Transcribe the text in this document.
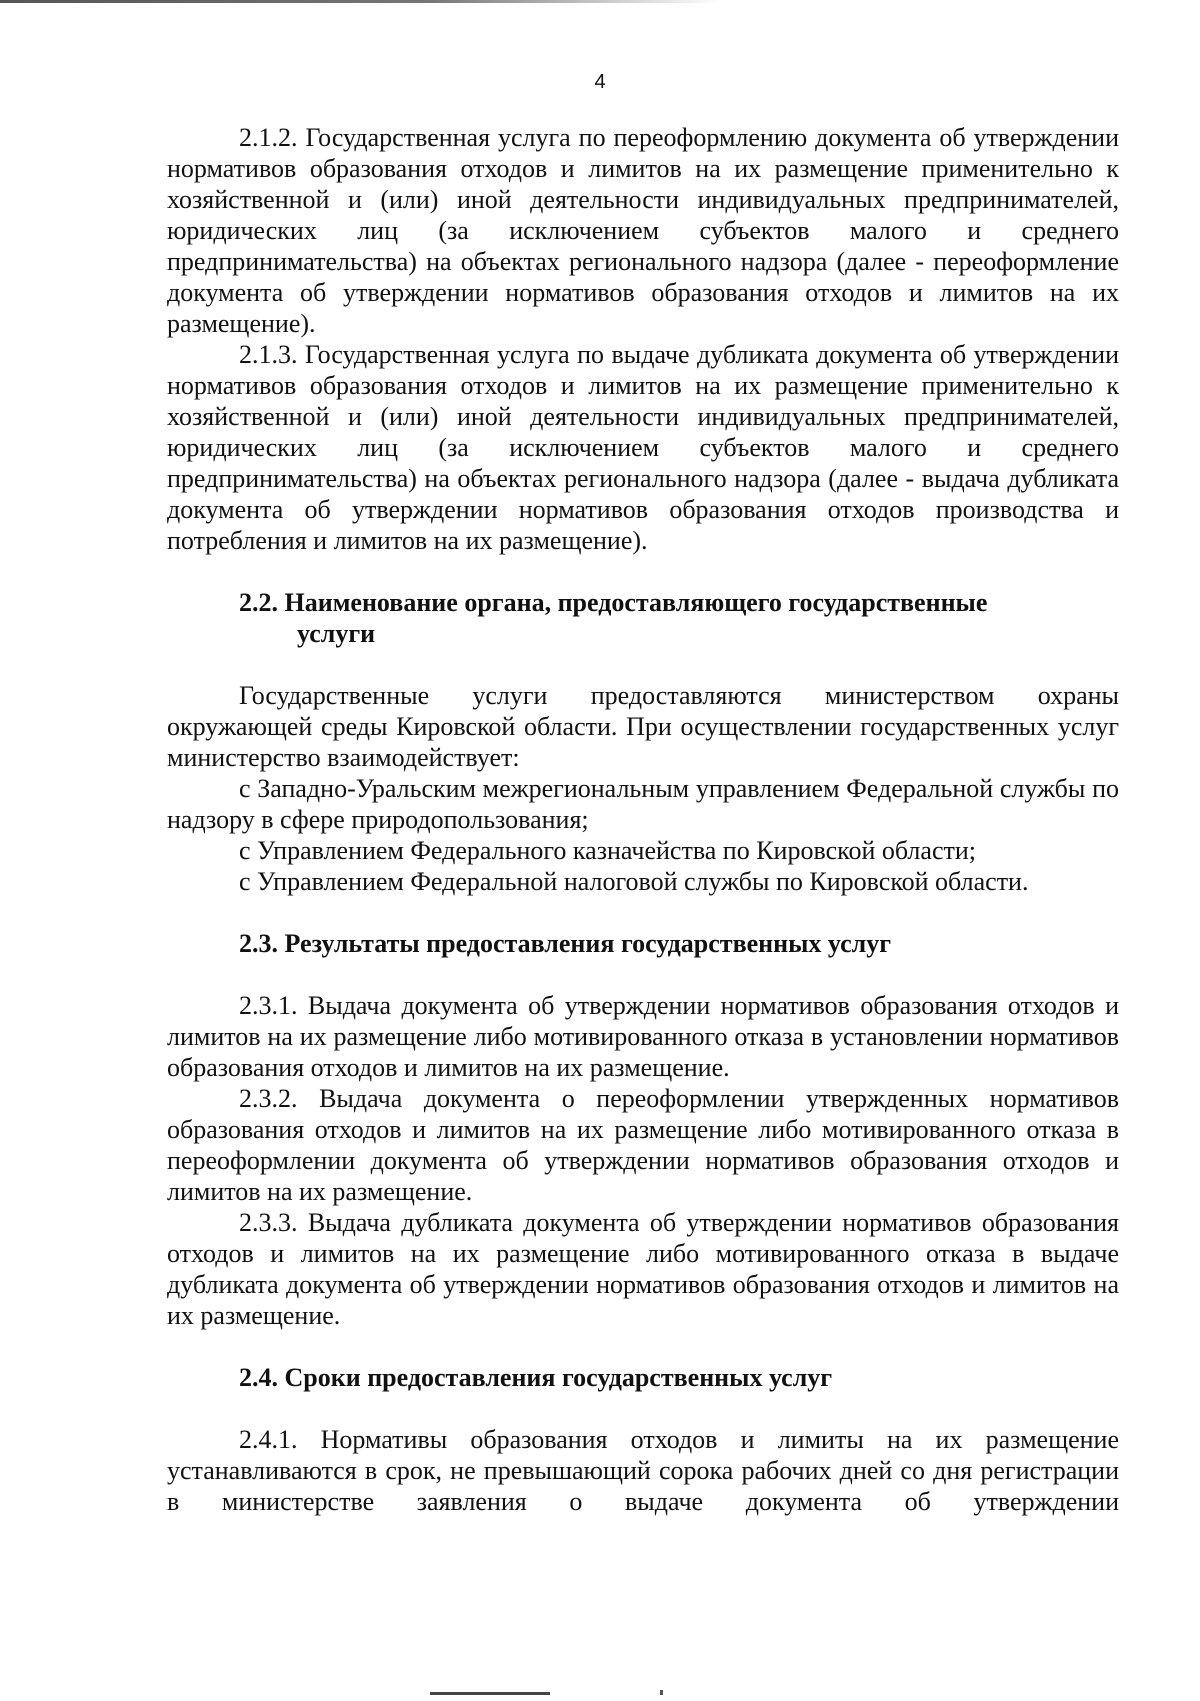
4

2.1.2. Государственная услуга по переоформлению документа об утверждении нормативов образования отходов и лимитов на их размещение применительно к хозяйственной и (или) иной деятельности индивидуальных предпринимателей, юридических лиц (за исключением субъектов малого и среднего предпринимательства) на объектах регионального надзора (далее - переоформление документа об утверждении нормативов образования отходов и лимитов на их размещение).

2.1.3. Государственная услуга по выдаче дубликата документа об утверждении нормативов образования отходов и лимитов на их размещение применительно к хозяйственной и (или) иной деятельности индивидуальных предпринимателей, юридических лиц (за исключением субъектов малого и среднего предпринимательства) на объектах регионального надзора (далее - выдача дубликата документа об утверждении нормативов образования отходов производства и потребления и лимитов на их размещение).

2.2. Наименование органа, предоставляющего государственные
услуги

Государственные услуги предоставляются министерством охраны окружающей среды Кировской области. При осуществлении государственных услуг министерство взаимодействует:

с Западно-Уральским межрегиональным управлением Федеральной службы по надзору в сфере природопользования;

с Управлением Федерального казначейства по Кировской области;

с Управлением Федеральной налоговой службы по Кировской области.

2.3. Результаты предоставления государственных услуг

2.3.1. Выдача документа об утверждении нормативов образования отходов и лимитов на их размещение либо мотивированного отказа в установлении нормативов образования отходов и лимитов на их размещение.

2.3.2. Выдача документа о переоформлении утвержденных нормативов образования отходов и лимитов на их размещение либо мотивированного отказа в переоформлении документа об утверждении нормативов образования отходов и лимитов на их размещение.

2.3.3. Выдача дубликата документа об утверждении нормативов образования отходов и лимитов на их размещение либо мотивированного отказа в выдаче дубликата документа об утверждении нормативов образования отходов и лимитов на их размещение.

2.4. Сроки предоставления государственных услуг

2.4.1. Нормативы образования отходов и лимиты на их размещение устанавливаются в срок, не превышающий сорока рабочих дней со дня регистрации в министерстве заявления о выдаче документа об утверждении
